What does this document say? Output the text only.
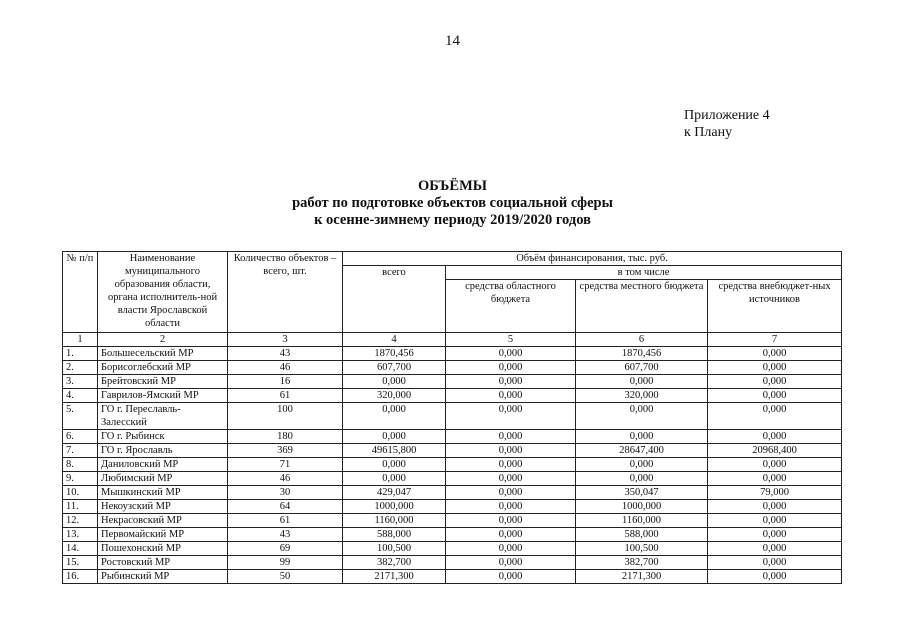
14
Приложение 4
к Плану
ОБЪЁМЫ
работ по подготовке объектов социальной сферы
к осенне-зимнему периоду 2019/2020 годов
№ п/п	Наименование муниципального образования области, органа исполнитель-ной власти Ярославской области	Количество объектов – всего, шт.	Объём финансирования, тыс. руб.			
			всего	в том числе		
				средства областного бюджета	средства местного бюджета	средства внебюджет-ных источников
1	2	3	4	5	6	7
1.	Большесельский МР	43	1870,456	0,000	1870,456	0,000
2.	Борисоглебский МР	46	607,700	0,000	607,700	0,000
3.	Брейтовский МР	16	0,000	0,000	0,000	0,000
4.	Гаврилов-Ямский МР	61	320,000	0,000	320,000	0,000
5.	ГО г. Переславль-Залесский	100	0,000	0,000	0,000	0,000
6.	ГО г. Рыбинск	180	0,000	0,000	0,000	0,000
7.	ГО г. Ярославль	369	49615,800	0,000	28647,400	20968,400
8.	Даниловский МР	71	0,000	0,000	0,000	0,000
9.	Любимский МР	46	0,000	0,000	0,000	0,000
10.	Мышкинский МР	30	429,047	0,000	350,047	79,000
11.	Некоузский МР	64	1000,000	0,000	1000,000	0,000
12.	Некрасовский МР	61	1160,000	0,000	1160,000	0,000
13.	Первомайский МР	43	588,000	0,000	588,000	0,000
14.	Пошехонский МР	69	100,500	0,000	100,500	0,000
15.	Ростовский МР	99	382,700	0,000	382,700	0,000
16.	Рыбинский МР	50	2171,300	0,000	2171,300	0,000
